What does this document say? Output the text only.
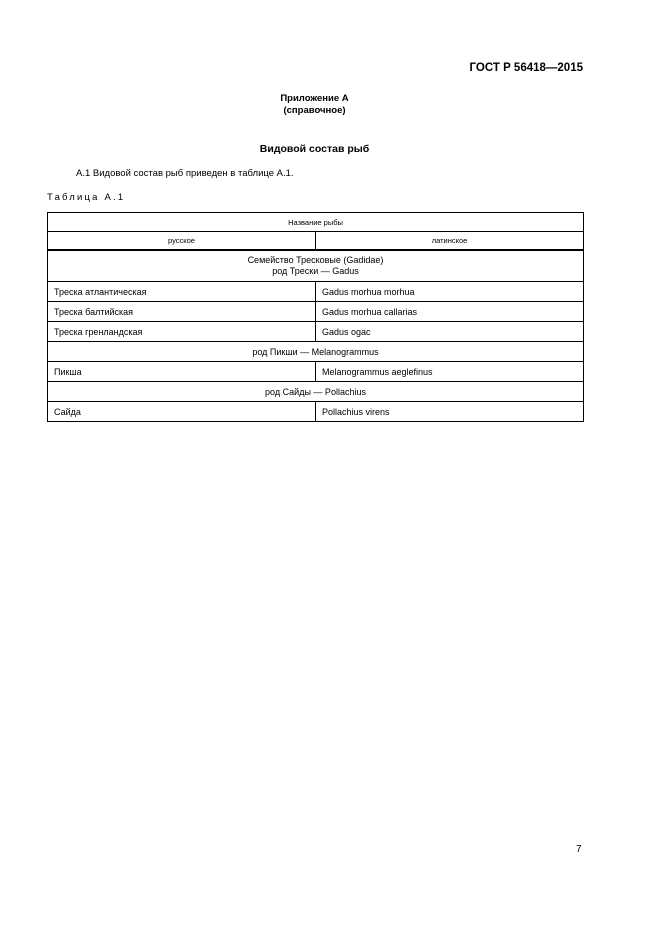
ГОСТ Р 56418—2015
Приложение А
(справочное)
Видовой состав рыб
А.1 Видовой состав рыб приведен в таблице А.1.
Таблица А.1
Название рыбы	
русское	латинское

Семейство Тресковые (Gadidae)
род Трески — Gadus	

Треска атлантическая	Gadus morhua morhua
Треска балтийская	Gadus morhua callarias
Треска гренландская	Gadus ogac
род Пикши — Melanogrammus	
Пикша	Melanogrammus aeglefinus
род Сайды — Pollachius	
Сайда	Pollachius virens
7
